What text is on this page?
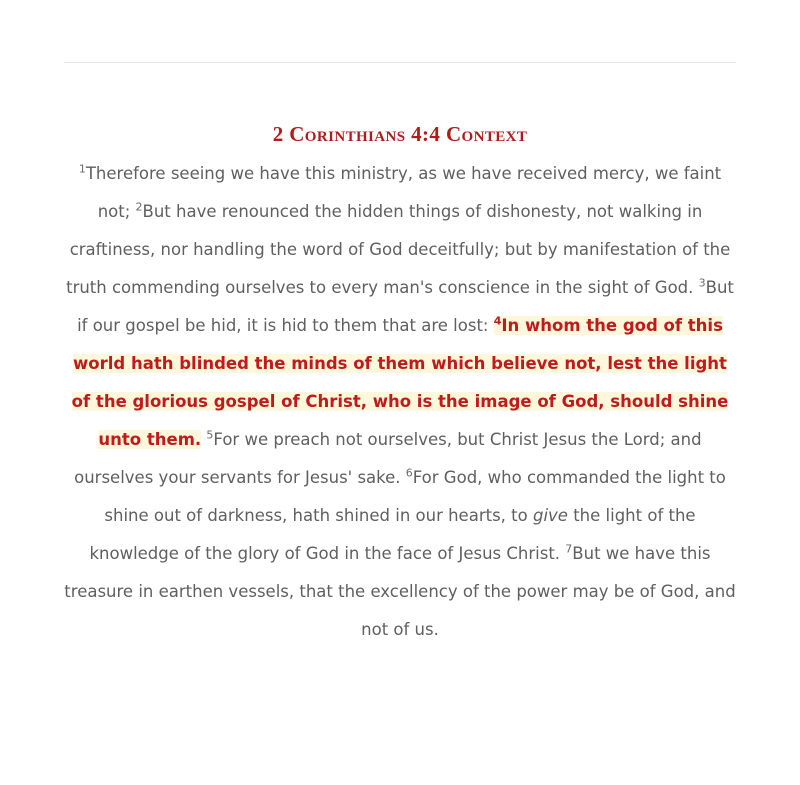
2 Corinthians 4:4 Context
$^1$Therefore seeing we have this ministry, as we have received mercy, we faint not; $^2$But have renounced the hidden things of dishonesty, not walking in craftiness, nor handling the word of God deceitfully; but by manifestation of the truth commending ourselves to every man's conscience in the sight of God. $^3$But if our gospel be hid, it is hid to them that are lost: $^4$In whom the god of this world hath blinded the minds of them which believe not, lest the light of the glorious gospel of Christ, who is the image of God, should shine unto them. $^5$For we preach not ourselves, but Christ Jesus the Lord; and ourselves your servants for Jesus' sake. $^6$For God, who commanded the light to shine out of darkness, hath shined in our hearts, to give the light of the knowledge of the glory of God in the face of Jesus Christ. $^7$But we have this treasure in earthen vessels, that the excellency of the power may be of God, and not of us.
